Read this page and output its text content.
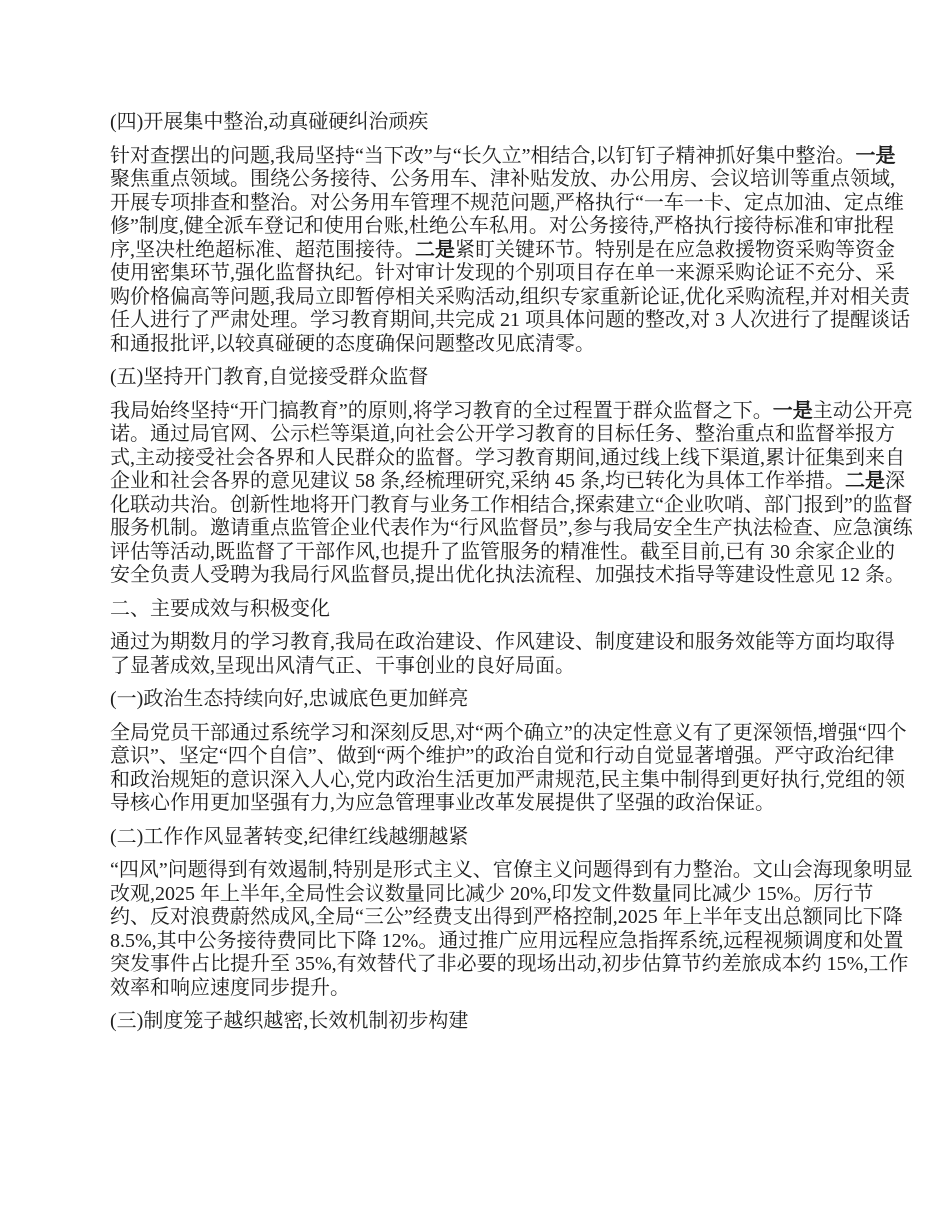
(四)开展集中整治,动真碰硬纠治顽疾

针对查摆出的问题,我局坚持“当下改”与“长久立”相结合,以钉钉子精神抓好集中整治。一是聚焦重点领域。围绕公务接待、公务用车、津补贴发放、办公用房、会议培训等重点领域,开展专项排查和整治。对公务用车管理不规范问题,严格执行“一车一卡、定点加油、定点维修”制度,健全派车登记和使用台账,杜绝公车私用。对公务接待,严格执行接待标准和审批程序,坚决杜绝超标准、超范围接待。二是紧盯关键环节。特别是在应急救援物资采购等资金使用密集环节,强化监督执纪。针对审计发现的个别项目存在单一来源采购论证不充分、采购价格偏高等问题,我局立即暂停相关采购活动,组织专家重新论证,优化采购流程,并对相关责任人进行了严肃处理。学习教育期间,共完成 21 项具体问题的整改,对 3 人次进行了提醒谈话和通报批评,以较真碰硬的态度确保问题整改见底清零。

(五)坚持开门教育,自觉接受群众监督

我局始终坚持“开门搞教育”的原则,将学习教育的全过程置于群众监督之下。一是主动公开亮诺。通过局官网、公示栏等渠道,向社会公开学习教育的目标任务、整治重点和监督举报方式,主动接受社会各界和人民群众的监督。学习教育期间,通过线上线下渠道,累计征集到来自企业和社会各界的意见建议 58 条,经梳理研究,采纳 45 条,均已转化为具体工作举措。二是深化联动共治。创新性地将开门教育与业务工作相结合,探索建立“企业吹哨、部门报到”的监督服务机制。邀请重点监管企业代表作为“行风监督员”,参与我局安全生产执法检查、应急演练评估等活动,既监督了干部作风,也提升了监管服务的精准性。截至目前,已有 30 余家企业的安全负责人受聘为我局行风监督员,提出优化执法流程、加强技术指导等建设性意见 12 条。

二、主要成效与积极变化

通过为期数月的学习教育,我局在政治建设、作风建设、制度建设和服务效能等方面均取得了显著成效,呈现出风清气正、干事创业的良好局面。

(一)政治生态持续向好,忠诚底色更加鲜亮

全局党员干部通过系统学习和深刻反思,对“两个确立”的决定性意义有了更深领悟,增强“四个意识”、坚定“四个自信”、做到“两个维护”的政治自觉和行动自觉显著增强。严守政治纪律和政治规矩的意识深入人心,党内政治生活更加严肃规范,民主集中制得到更好执行,党组的领导核心作用更加坚强有力,为应急管理事业改革发展提供了坚强的政治保证。

(二)工作作风显著转变,纪律红线越绷越紧

“四风”问题得到有效遏制,特别是形式主义、官僚主义问题得到有力整治。文山会海现象明显改观,2025 年上半年,全局性会议数量同比减少 20%,印发文件数量同比减少 15%。厉行节约、反对浪费蔚然成风,全局“三公”经费支出得到严格控制,2025 年上半年支出总额同比下降 8.5%,其中公务接待费同比下降 12%。通过推广应用远程应急指挥系统,远程视频调度和处置突发事件占比提升至 35%,有效替代了非必要的现场出动,初步估算节约差旅成本约 15%,工作效率和响应速度同步提升。

(三)制度笼子越织越密,长效机制初步构建
